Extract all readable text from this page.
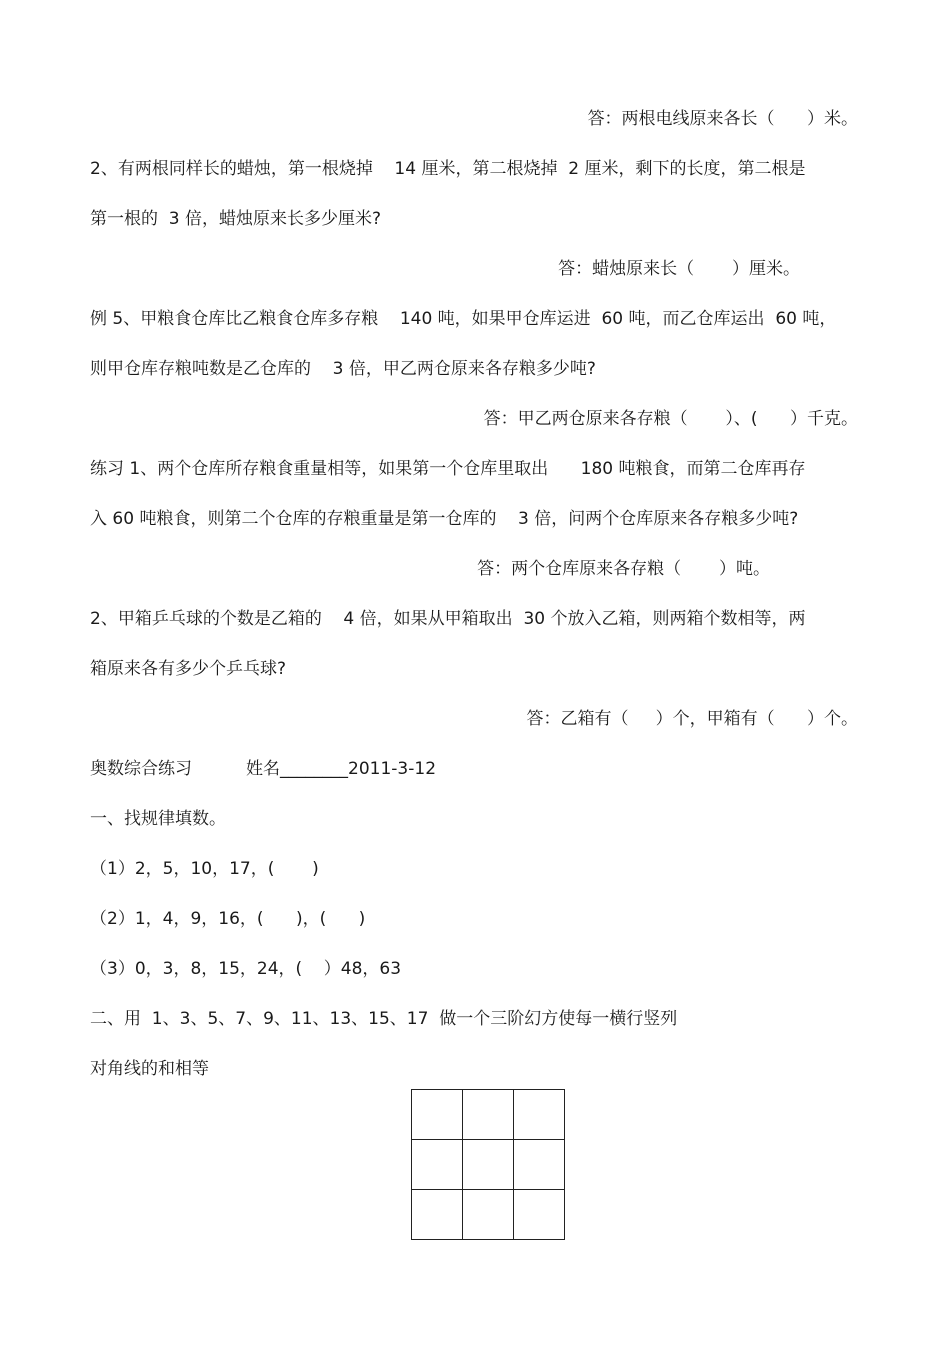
答：两根电线原来各长（      ）米。
2、有两根同样长的蜡烛，第一根烧掉    14 厘米，第二根烧掉  2 厘米，剩下的长度，第二根是
第一根的  3 倍，蜡烛原来长多少厘米?
答：蜡烛原来长（       ）厘米。
例 5、甲粮食仓库比乙粮食仓库多存粮    140 吨，如果甲仓库运进  60 吨，而乙仓库运出  60 吨，
则甲仓库存粮吨数是乙仓库的    3 倍，甲乙两仓原来各存粮多少吨?
答：甲乙两仓原来各存粮（       ）、(      ）千克。
练习 1、两个仓库所存粮食重量相等，如果第一个仓库里取出      180 吨粮食，而第二仓库再存
入 60 吨粮食，则第二个仓库的存粮重量是第一仓库的    3 倍，问两个仓库原来各存粮多少吨?
答：两个仓库原来各存粮（       ）吨。
2、甲箱乒乓球的个数是乙箱的    4 倍，如果从甲箱取出  30 个放入乙箱，则两箱个数相等，两
箱原来各有多少个乒乓球?
答：乙箱有（     ）个，甲箱有（      ）个。
奥数综合练习          姓名________2011-3-12
一、找规律填数。
（1）2，5，10，17，(       )
（2）1，4，9，16，(      )，(      )
（3）0，3，8，15，24，(    ）48，63
二、用  1、3、5、7、9、11、13、15、17  做一个三阶幻方使每一横行竖列
对角线的和相等
